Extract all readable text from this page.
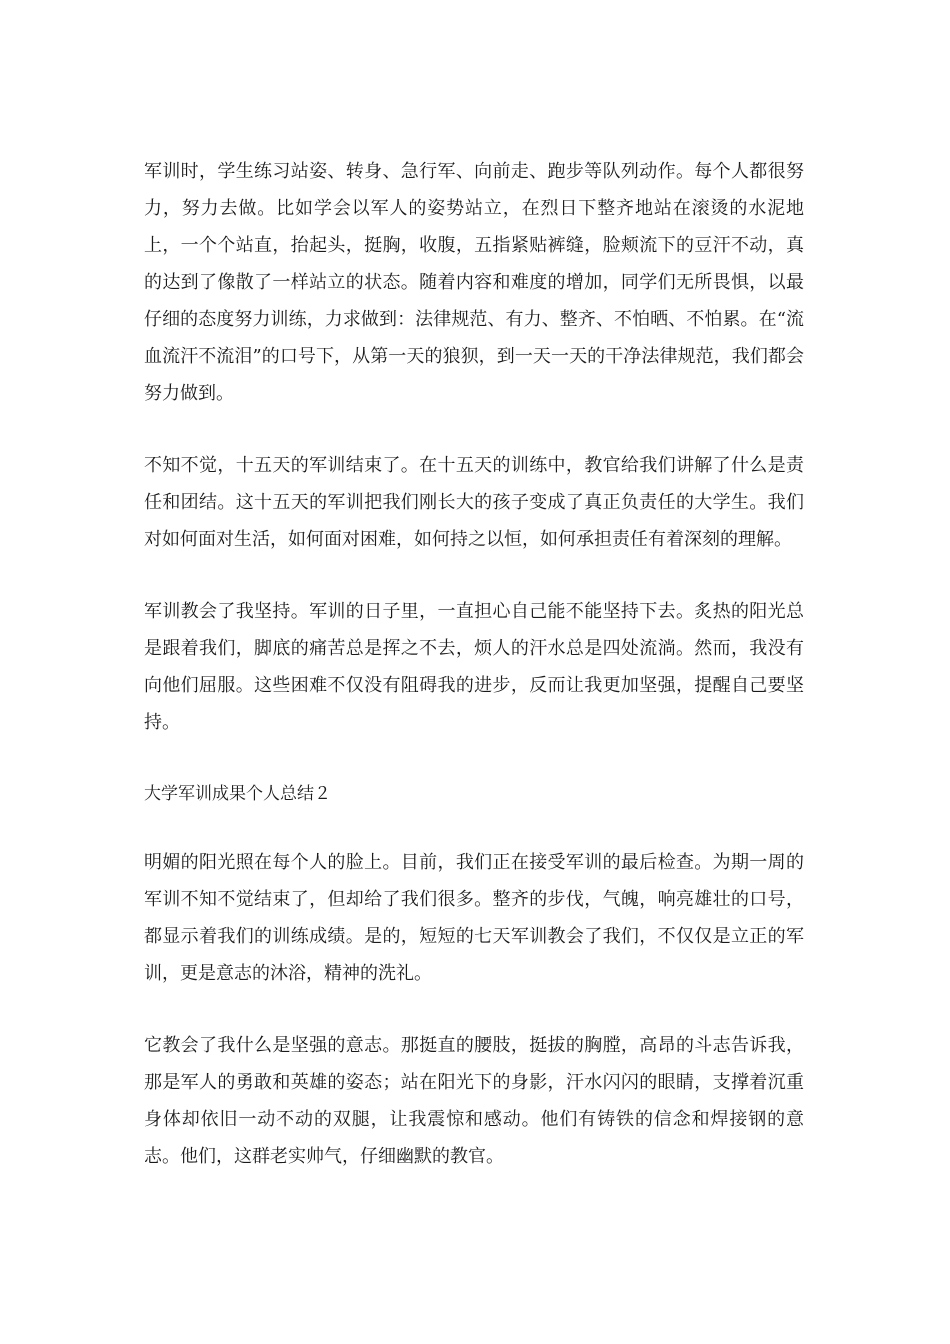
军训时，学生练习站姿、转身、急行军、向前走、跑步等队列动作。每个人都很努力，努力去做。比如学会以军人的姿势站立，在烈日下整齐地站在滚烫的水泥地上，一个个站直，抬起头，挺胸，收腹，五指紧贴裤缝，脸颊流下的豆汗不动，真的达到了像散了一样站立的状态。随着内容和难度的增加，同学们无所畏惧，以最仔细的态度努力训练，力求做到：法律规范、有力、整齐、不怕晒、不怕累。在“流血流汗不流泪”的口号下，从第一天的狼狈，到一天一天的干净法律规范，我们都会努力做到。

不知不觉，十五天的军训结束了。在十五天的训练中，教官给我们讲解了什么是责任和团结。这十五天的军训把我们刚长大的孩子变成了真正负责任的大学生。我们对如何面对生活，如何面对困难，如何持之以恒，如何承担责任有着深刻的理解。

军训教会了我坚持。军训的日子里，一直担心自己能不能坚持下去。炙热的阳光总是跟着我们，脚底的痛苦总是挥之不去，烦人的汗水总是四处流淌。然而，我没有向他们屈服。这些困难不仅没有阻碍我的进步，反而让我更加坚强，提醒自己要坚持。

大学军训成果个人总结２

明媚的阳光照在每个人的脸上。目前，我们正在接受军训的最后检查。为期一周的军训不知不觉结束了，但却给了我们很多。整齐的步伐，气魄，响亮雄壮的口号，都显示着我们的训练成绩。是的，短短的七天军训教会了我们，不仅仅是立正的军训，更是意志的沐浴，精神的洗礼。

它教会了我什么是坚强的意志。那挺直的腰肢，挺拔的胸膛，高昂的斗志告诉我，那是军人的勇敢和英雄的姿态；站在阳光下的身影，汗水闪闪的眼睛，支撑着沉重身体却依旧一动不动的双腿，让我震惊和感动。他们有铸铁的信念和焊接钢的意志。他们，这群老实帅气，仔细幽默的教官。
